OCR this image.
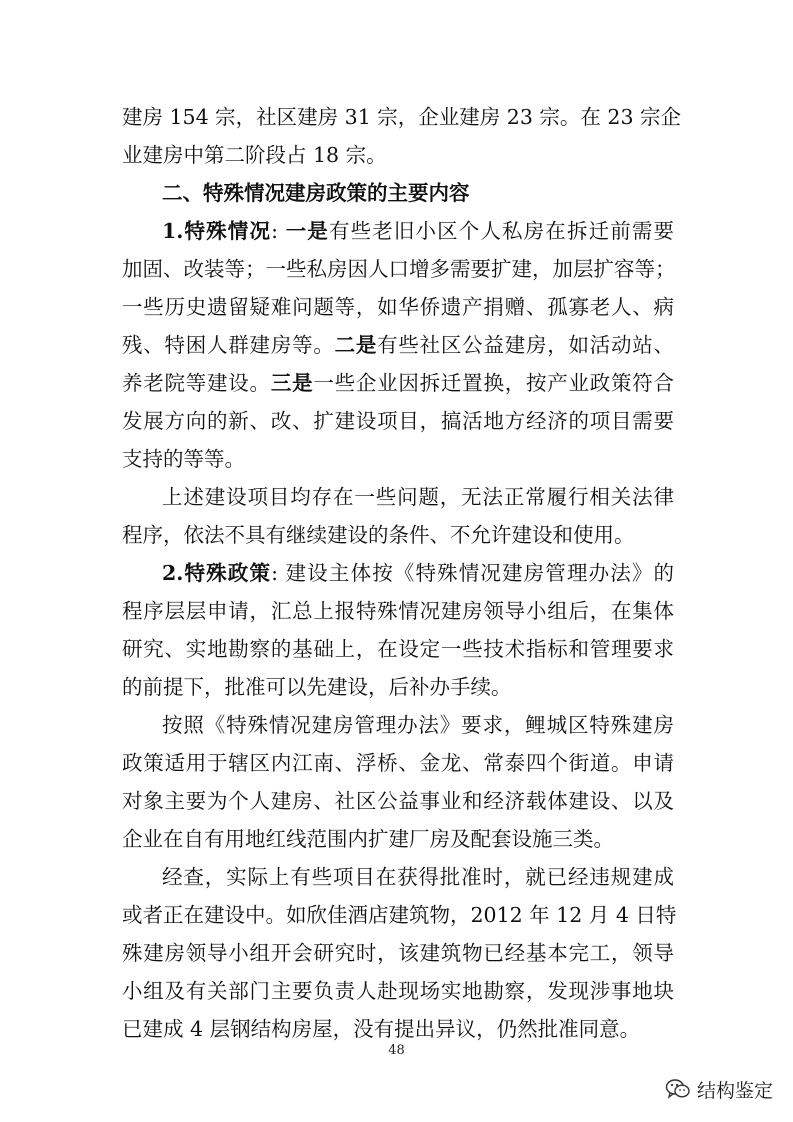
建房 154 宗，社区建房 31 宗，企业建房 23 宗。在 23 宗企
业建房中第二阶段占 18 宗。
二、特殊情况建房政策的主要内容
1.特殊情况: 一是有些老旧小区个人私房在拆迁前需要
加固、改装等；一些私房因人口增多需要扩建，加层扩容等；
一些历史遗留疑难问题等，如华侨遗产捐赠、孤寡老人、病
残、特困人群建房等。二是有些社区公益建房，如活动站、
养老院等建设。三是一些企业因拆迁置换，按产业政策符合
发展方向的新、改、扩建设项目，搞活地方经济的项目需要
支持的等等。
上述建设项目均存在一些问题，无法正常履行相关法律
程序，依法不具有继续建设的条件、不允许建设和使用。
2.特殊政策: 建设主体按《特殊情况建房管理办法》的
程序层层申请，汇总上报特殊情况建房领导小组后，在集体
研究、实地勘察的基础上，在设定一些技术指标和管理要求
的前提下，批准可以先建设，后补办手续。
按照《特殊情况建房管理办法》要求，鲤城区特殊建房
政策适用于辖区内江南、浮桥、金龙、常泰四个街道。申请
对象主要为个人建房、社区公益事业和经济载体建设、以及
企业在自有用地红线范围内扩建厂房及配套设施三类。
经查，实际上有些项目在获得批准时，就已经违规建成
或者正在建设中。如欣佳酒店建筑物，2012 年 12 月 4 日特
殊建房领导小组开会研究时，该建筑物已经基本完工，领导
小组及有关部门主要负责人赴现场实地勘察，发现涉事地块
已建成 4 层钢结构房屋，没有提出异议，仍然批准同意。
48
结构鉴定
